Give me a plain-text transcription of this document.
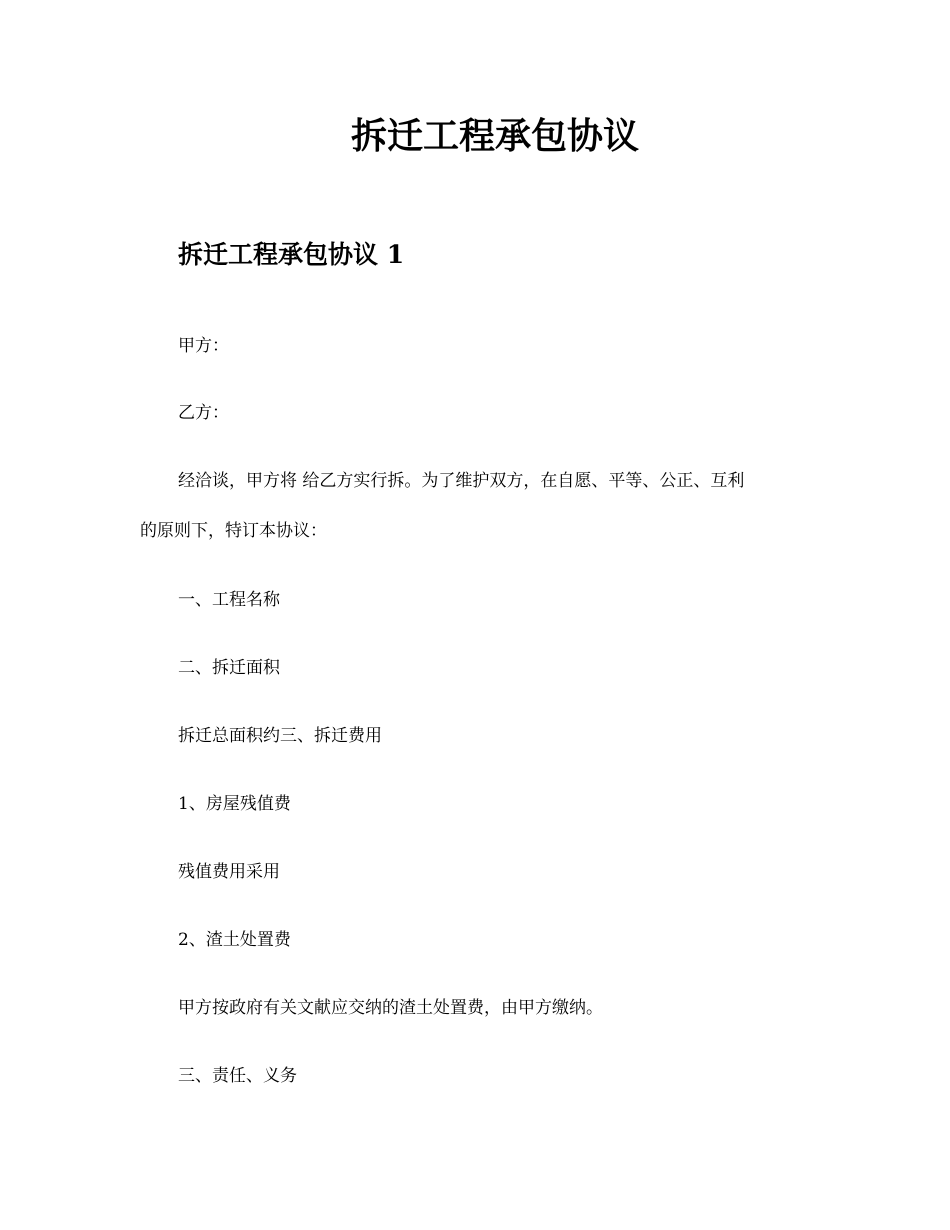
拆迁工程承包协议
拆迁工程承包协议 1

甲方：

乙方：

经洽谈，甲方将 给乙方实行拆。为了维护双方，在自愿、平等、公正、互利
的原则下，特订本协议：

一、工程名称

二、拆迁面积

拆迁总面积约三、拆迁费用

1、房屋残值费

残值费用采用

2、渣土处置费

甲方按政府有关文献应交纳的渣土处置费，由甲方缴纳。

三、责任、义务
